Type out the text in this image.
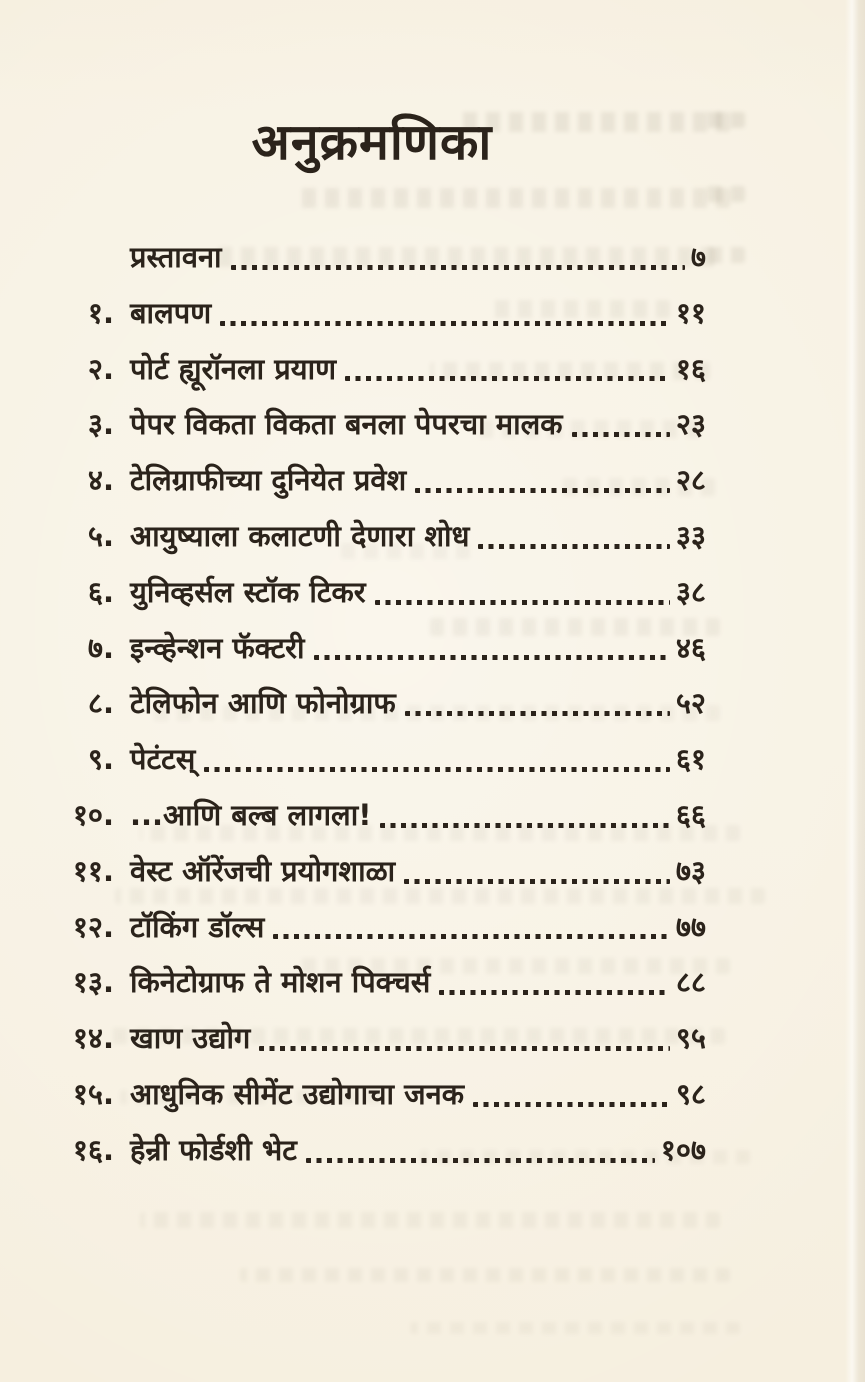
अनुक्रमणिका
प्रस्तावना	७
१. बालपण	११
२. पोर्ट ह्यूरॉनला प्रयाण	१६
३. पेपर विकता विकता बनला पेपरचा मालक	२३
४. टेलिग्राफीच्या दुनियेत प्रवेश	२८
५. आयुष्याला कलाटणी देणारा शोध	३३
६. युनिव्हर्सल स्टॉक टिकर	३८
७. इन्व्हेन्शन फॅक्टरी	४६
८. टेलिफोन आणि फोनोग्राफ	५२
९. पेटंटस्	६१
१०. ...आणि बल्ब लागला!	६६
११. वेस्ट ऑरेंजची प्रयोगशाळा	७३
१२. टॉकिंग डॉल्स	७७
१३. किनेटोग्राफ ते मोशन पिक्चर्स	८८
१४. खाण उद्योग	९५
१५. आधुनिक सीमेंट उद्योगाचा जनक	९८
१६. हेन्री फोर्डशी भेट	१०७
